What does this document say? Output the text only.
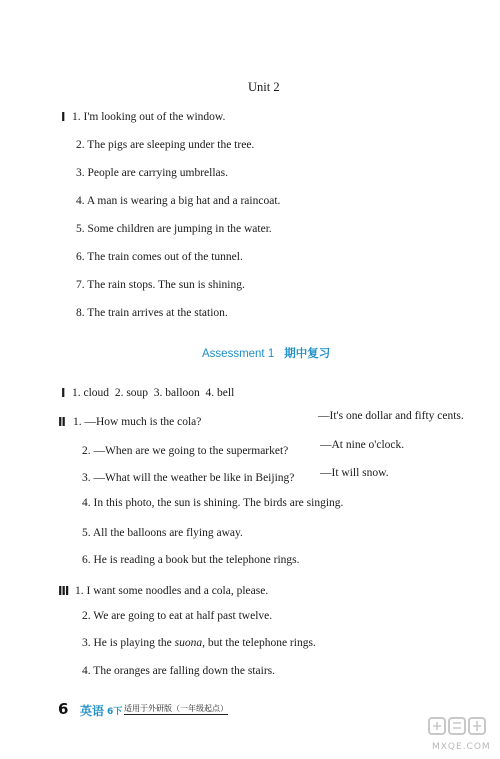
Unit 2
Ⅰ 1. I'm looking out of the window.
2. The pigs are sleeping under the tree.
3. People are carrying umbrellas.
4. A man is wearing a big hat and a raincoat.
5. Some children are jumping in the water.
6. The train comes out of the tunnel.
7. The rain stops. The sun is shining.
8. The train arrives at the station.
Assessment 1 期中复习
Ⅰ 1. cloud 2. soup 3. balloon 4. bell
Ⅱ 1. —How much is the cola?	—It's one dollar and fifty cents.
2. —When are we going to the supermarket?	—At nine o'clock.
3. —What will the weather be like in Beijing? —It will snow.
4. In this photo, the sun is shining. The birds are singing.
5. All the balloons are flying away.
6. He is reading a book but the telephone rings.
Ⅲ 1. I want some noodles and a cola, please.
2. We are going to eat at half past twelve.
3. He is playing the suona, but the telephone rings.
4. The oranges are falling down the stairs.
6 英语 6下 适用于外研版（一年级起点）
MXQE.COM
